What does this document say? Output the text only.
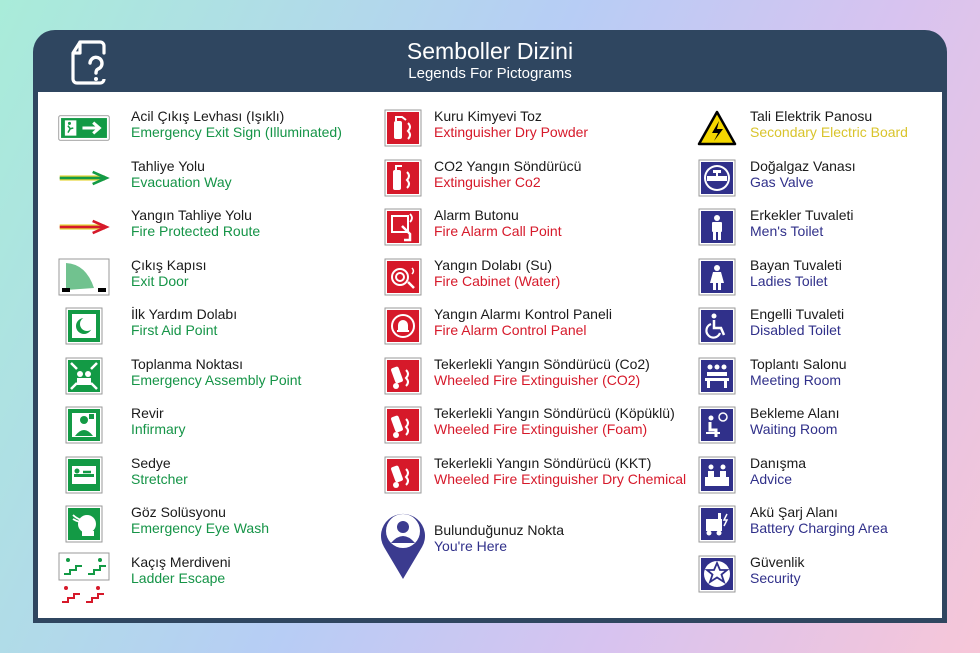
Semboller Dizini
Legends For Pictograms
Acil Çıkış Levhası (Işıklı)
Emergency Exit Sign (Illuminated)
Tahliye Yolu
Evacuation Way
Yangın Tahliye Yolu
Fire Protected Route
Çıkış Kapısı
Exit Door
İlk Yardım Dolabı
First Aid Point
Toplanma Noktası
Emergency Assembly Point
Revir
Infirmary
Sedye
Stretcher
Göz Solüsyonu
Emergency Eye Wash
Kaçış Merdiveni
Ladder Escape
Kuru Kimyevi Toz
Extinguisher Dry Powder
CO2 Yangın Söndürücü
Extinguisher Co2
Alarm Butonu
Fire Alarm Call Point
Yangın Dolabı (Su)
Fire Cabinet (Water)
Yangın Alarmı Kontrol Paneli
Fire Alarm Control Panel
Tekerlekli Yangın Söndürücü (Co2)
Wheeled Fire Extinguisher (CO2)
Tekerlekli Yangın Söndürücü (Köpüklü)
Wheeled Fire Extinguisher (Foam)
Tekerlekli Yangın Söndürücü (KKT)
Wheeled Fire Extinguisher Dry Chemical
Bulunduğunuz Nokta
You're Here
Tali Elektrik Panosu
Secondary Electric Board
Doğalgaz Vanası
Gas Valve
Erkekler Tuvaleti
Men's Toilet
Bayan Tuvaleti
Ladies Toilet
Engelli Tuvaleti
Disabled Toilet
Toplantı Salonu
Meeting Room
Bekleme Alanı
Waiting Room
Danışma
Advice
Akü Şarj Alanı
Battery Charging Area
Güvenlik
Security
